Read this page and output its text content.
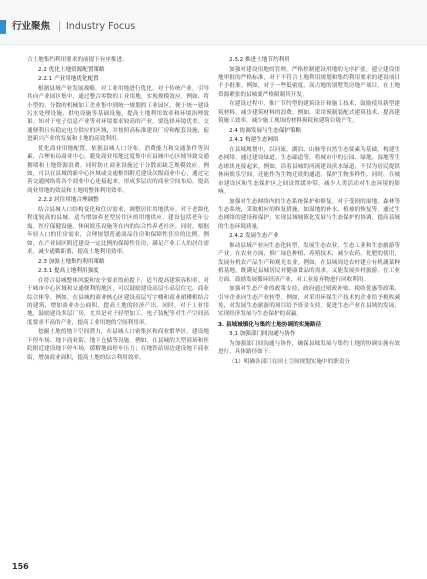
行业聚焦 | Industry Focus

合土地集约利用要求的前提下有序推进。

2.2 优化土地资源配置策略

2.2.1 产业用地优化配置

根据县域产业发展战略，对工业用地进行优化。对于传统产业，引导其向产业园区集中，通过整合零散的工业用地，实现规模效应。例如，将小型的、分散的机械加工企业集中到统一规划的工业园区，便于统一建设污水处理设施、供电设施等基础设施，提高土地利用效率和环境治理效果。知对于电子信息产业等对环境要求较高的产业，要选择环境优美、交通便利且有稳定电力供应的区域，并按照高标准建设厂房和配套设施，促进新兴产业的发展和土地的高效利用。

优化商业用地配置，依据县城人口分布、消费能力和交通条件等因素，合理布局商业中心。避免商业用地过度集中在县城中心区域导致交通拥堵和土地资源浪费。同时防止商业设施过于分散而缺乏规模效应。例如，可以在县城的新中心区域或交通枢纽附近建设次级商业中心，通过完善交通网络将各个商业中心连接起来，形成多层次的商业空间布局，提高商业用地的效益和土地的整体利用效率。

2.2.2 居住用地合理调整

结合县城人口结构变化和住房需求，调整居住用地供应。对于老龄化程度较高的县城，适当增加养老型居住区的用地供应。建设包括老年公寓、医疗保健设施、休闲娱乐设施等在内的综合性养老社区。同时，根据年轻人口的住房需求，合理规划普通商品住房和保障性住房的比例。例如，在产业园区附近建设一定比例的保障性住房，满足产业工人的居住需求，减少通勤距离，提高土地利用效率。

2.3 加强土地集约利用策略

2.3.1 提高土地利用强度

在符合县城整体风貌和安全要求的前提下，适当提高建筑容积率。对于城市中心区域和交通便利的地区，可以鼓励建设高层小高层住宅、商业综合体等。例如，在县城的商业核心区建设高层写字楼和商业裙楼相结合的建筑，增加商业办公面积，提高土地的经济产出。同时，对于工业用地，鼓励建设多层厂房，尤其是对于轻型加工、电子装配等对生产空间高度要求不高的产业，提高工业用地的空间利用率。

挖掘土地的地下空间潜力，在县城人口密集区和商业繁华区，建设地下停车场、地下商业街、地下仓储等设施。例如，在县城的大型商场和医院附近建设地下停车场，缓解地面停车压力；在地铁站周边建设地下商业街，增加商业面积，提高土地的综合利用效率。

2.3.2 推进土地节约利用

加强对建设用地的管理，严格控制建设用地的无序扩张。建立建设用地审批的严格标准，对于不符合土地利用规划和集约利用要求的建设项目不予批准。例如，对于一些低密度、高占地的别墅类房地产项目，在土地资源紧张的县城要严格限制其开发。

在建设过程中，推广节约型的建筑设计和施工技术，鼓励使用新型建筑材料，减少建筑材料的浪费。例如，采用预制装配式建筑技术，提高建筑施工效率，减少施工现场的材料损耗和建筑垃圾产生。

2.4 协调发展与生态保护策略

2.4.1 构建生态网络

在县域规划中，以河流、湖泊、山脉等自然生态要素为基础，构建生态网络。通过建设绿道、生态廊道等，将城市中的公园、绿地、湿地等生态斑块连接起来。例如，沿着县城的河流建设滨水绿道，不仅为居民提供休闲娱乐空间，还能作为生物迁徙的通道，保护生物多样性。同时，在城市建设区和生态保护区之间设置缓冲带，减少人类活动对生态环境的影响。

加强对生态网络内的生态系统保护和修复。对于受损的湿地、森林等生态系统，采取相应的修复措施，如湿地的补水、植被的恢复等。通过生态网络的建设和保护，实现县域城镇化发展与生态保护的协调，提高县域的生态环境质量。

2.4.2 发展生态产业

推动县域产业向生态化转型，发展生态农业、生态工业和生态旅游等产业。在农业方面，推广绿色种植、养殖技术，减少农药、化肥的使用，发展有机农产品生产和观光农业。例如，在县城周边农村建立有机蔬菜种植基地，既满足县城居民对健康食品的需求，又能发展乡村旅游。在工业方面，鼓励发展循环经济产业，对工业废弃物进行回收利用。

加强对生态产业的政策支持，政府通过财政补贴、税收优惠等政策，引导企业向生态产业转型。例如，对采用环保生产技术的企业给予税收减免，对发展生态旅游的项目给予资金支持，促进生态产业在县域的发展，实现经济发展与生态保护的双赢。

3. 县域城镇化与集约土地协调的实施路径

3.1 加强部门间沟通与协作

为加强部门间沟通与协作，确保县域发展与集约土地的协调实施有效进行，具体路径如下：

（1）明确各部门在国土空间规划实施中的职责分

156
